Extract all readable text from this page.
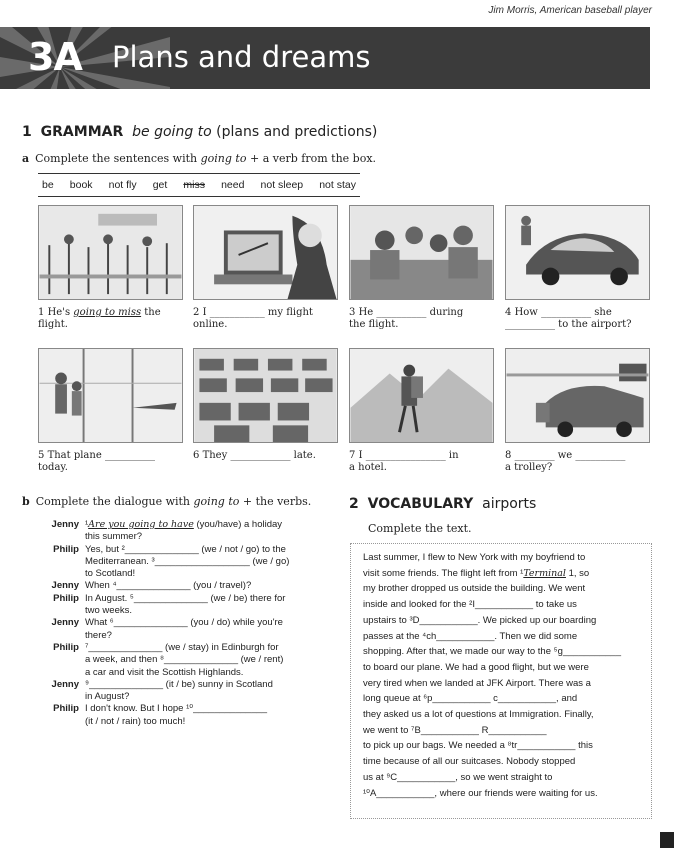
Jim Morris, American baseball player
3A Plans and dreams
1 GRAMMAR be going to (plans and predictions)
a Complete the sentences with going to + a verb from the box.
be book not fly get miss need not sleep not stay
1 He's going to miss the
flight.
2 I ___________ my flight
online.
3 He __________ during
the flight.
4 How __________ she
__________ to the airport?
5 That plane __________
today.
6 They ____________ late.	7 I ________________ in
a hotel.
8 ________ we __________
a trolley?
b Complete the dialogue with going to + the verbs.
Jenny ¹Are you going to have (you/have) a holiday
this summer?
Philip Yes, but ²______________ (we / not / go) to the
Mediterranean. ³__________________ (we / go)
to Scotland!
Jenny When ⁴______________ (you / travel)?
Philip In August. ⁵______________ (we / be) there for
two weeks.
Jenny What ⁶______________ (you / do) while you're
there?
Philip ⁷______________ (we / stay) in Edinburgh for
a week, and then ⁸______________ (we / rent)
a car and visit the Scottish Highlands.
Jenny ⁹______________ (it / be) sunny in Scotland
in August?
Philip I don't know. But I hope ¹⁰______________
(it / not / rain) too much!
2 VOCABULARY airports
Complete the text.
Last summer, I flew to New York with my boyfriend to
visit some friends. The flight left from ¹Terminal 1, so
my brother dropped us outside the building. We went
inside and looked for the ²I___________ to take us
upstairs to ³D___________. We picked up our boarding
passes at the ⁴ch___________. Then we did some
shopping. After that, we made our way to the ⁵g___________
to board our plane. We had a good flight, but we were
very tired when we landed at JFK Airport. There was a
long queue at ⁶p___________ c___________, and
they asked us a lot of questions at Immigration. Finally,
we went to ⁷B___________ R___________
to pick up our bags. We needed a ⁸tr___________ this
time because of all our suitcases. Nobody stopped
us at ⁹C___________, so we went straight to
¹⁰A___________, where our friends were waiting for us.
